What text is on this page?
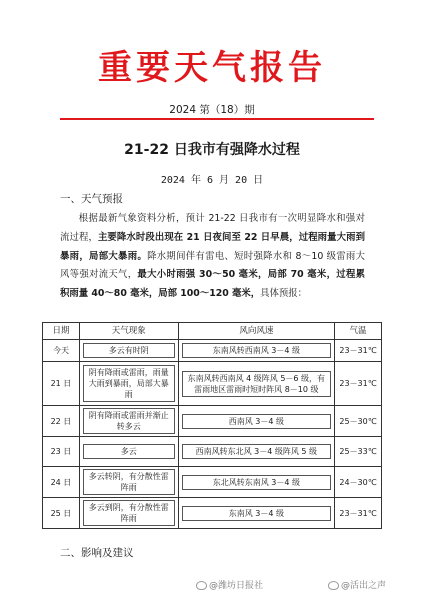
重要天气报告
2024 第（18）期
21-22 日我市有强降水过程
2024 年 6 月 20 日
一、天气预报
根据最新气象资料分析，预计 21-22 日我市有一次明显降水和强对流过程，主要降水时段出现在 21 日夜间至 22 日早晨，过程雨量大雨到暴雨，局部大暴雨。降水期间伴有雷电、短时强降水和 8～10 级雷雨大风等强对流天气，最大小时雨强 30～50 毫米，局部 70 毫米，过程累积雨量 40～80 毫米，局部 100～120 毫米，具体预报：
日期	天气现象	风向风速	气温
今天	多云有时阴	东南风转西南风 3－4 级	23－31℃
21 日	阴有降雨或雷雨，雨量大雨到暴雨，局部大暴雨	东南风转西南风 4 级阵风 5－6 级，有雷雨地区雷雨时短时阵风 8－10 级	23－31℃
22 日	阴有降雨或雷雨并渐止转多云	西南风 3－4 级	25－30℃
23 日	多云	西南风转东北风 3－4 级阵风 5 级	25－33℃
24 日	多云转阴，有分散性雷阵雨	东北风转东南风 3－4 级	24－30℃
25 日	多云到阴，有分散性雷阵雨	东南风 3－4 级	23－31℃
二、影响及建议
@潍坊日报社	@活出之声
